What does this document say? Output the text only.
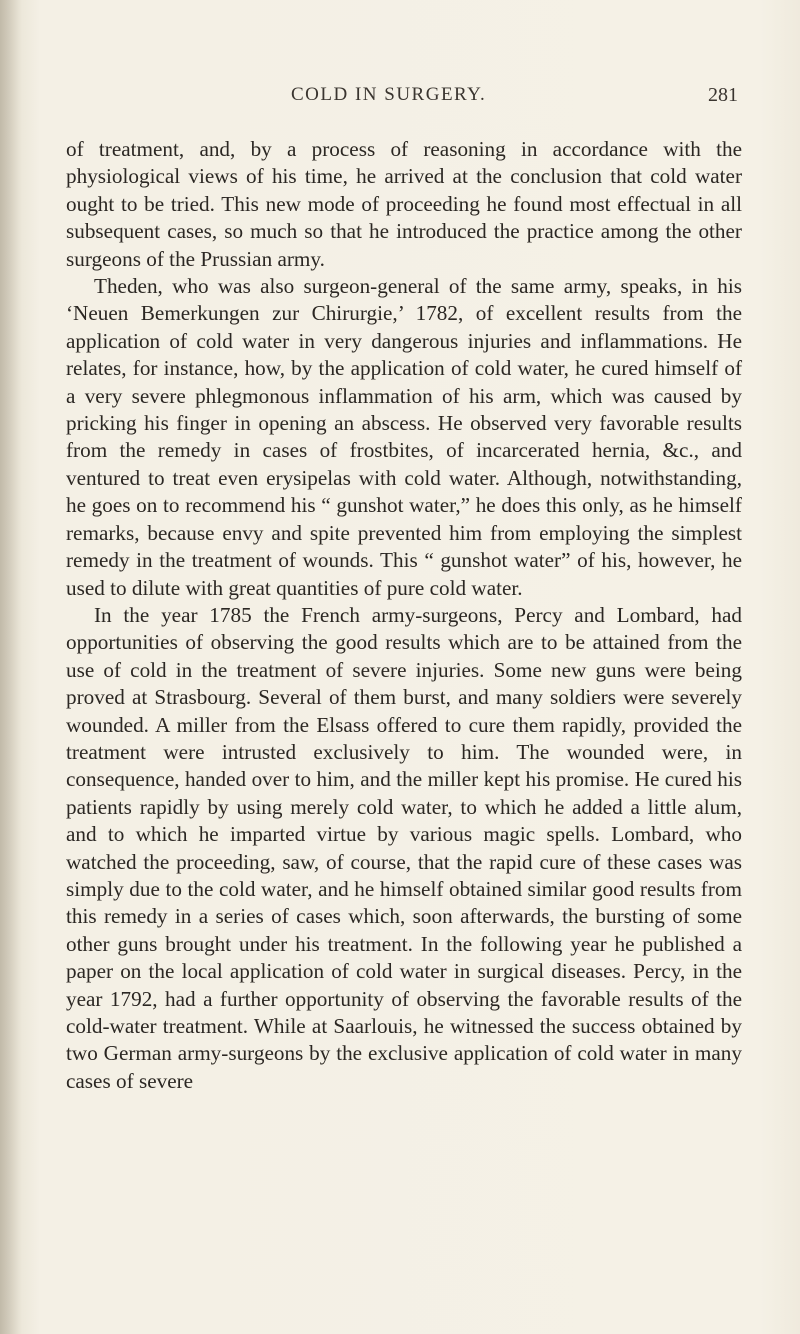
COLD IN SURGERY.	281

of treatment, and, by a process of reasoning in accordance with the physiological views of his time, he arrived at the conclusion that cold water ought to be tried. This new mode of proceeding he found most effectual in all subsequent cases, so much so that he introduced the practice among the other surgeons of the Prussian army.

Theden, who was also surgeon-general of the same army, speaks, in his ‘Neuen Bemerkungen zur Chirurgie,’ 1782, of excellent results from the application of cold water in very dangerous injuries and inflammations. He relates, for instance, how, by the application of cold water, he cured himself of a very severe phlegmonous inflammation of his arm, which was caused by pricking his finger in opening an abscess. He observed very favorable results from the remedy in cases of frostbites, of incarcerated hernia, &c., and ventured to treat even erysipelas with cold water. Although, notwithstanding, he goes on to recommend his “ gunshot water,” he does this only, as he himself remarks, because envy and spite prevented him from employing the simplest remedy in the treatment of wounds. This “ gunshot water” of his, however, he used to dilute with great quantities of pure cold water.

In the year 1785 the French army-surgeons, Percy and Lombard, had opportunities of observing the good results which are to be attained from the use of cold in the treatment of severe injuries. Some new guns were being proved at Strasbourg. Several of them burst, and many soldiers were severely wounded. A miller from the Elsass offered to cure them rapidly, provided the treatment were intrusted exclusively to him. The wounded were, in consequence, handed over to him, and the miller kept his promise. He cured his patients rapidly by using merely cold water, to which he added a little alum, and to which he imparted virtue by various magic spells. Lombard, who watched the proceeding, saw, of course, that the rapid cure of these cases was simply due to the cold water, and he himself obtained similar good results from this remedy in a series of cases which, soon afterwards, the bursting of some other guns brought under his treatment. In the following year he published a paper on the local application of cold water in surgical diseases. Percy, in the year 1792, had a further opportunity of observing the favorable results of the cold-water treatment. While at Saarlouis, he witnessed the success obtained by two German army-surgeons by the exclusive application of cold water in many cases of severe
